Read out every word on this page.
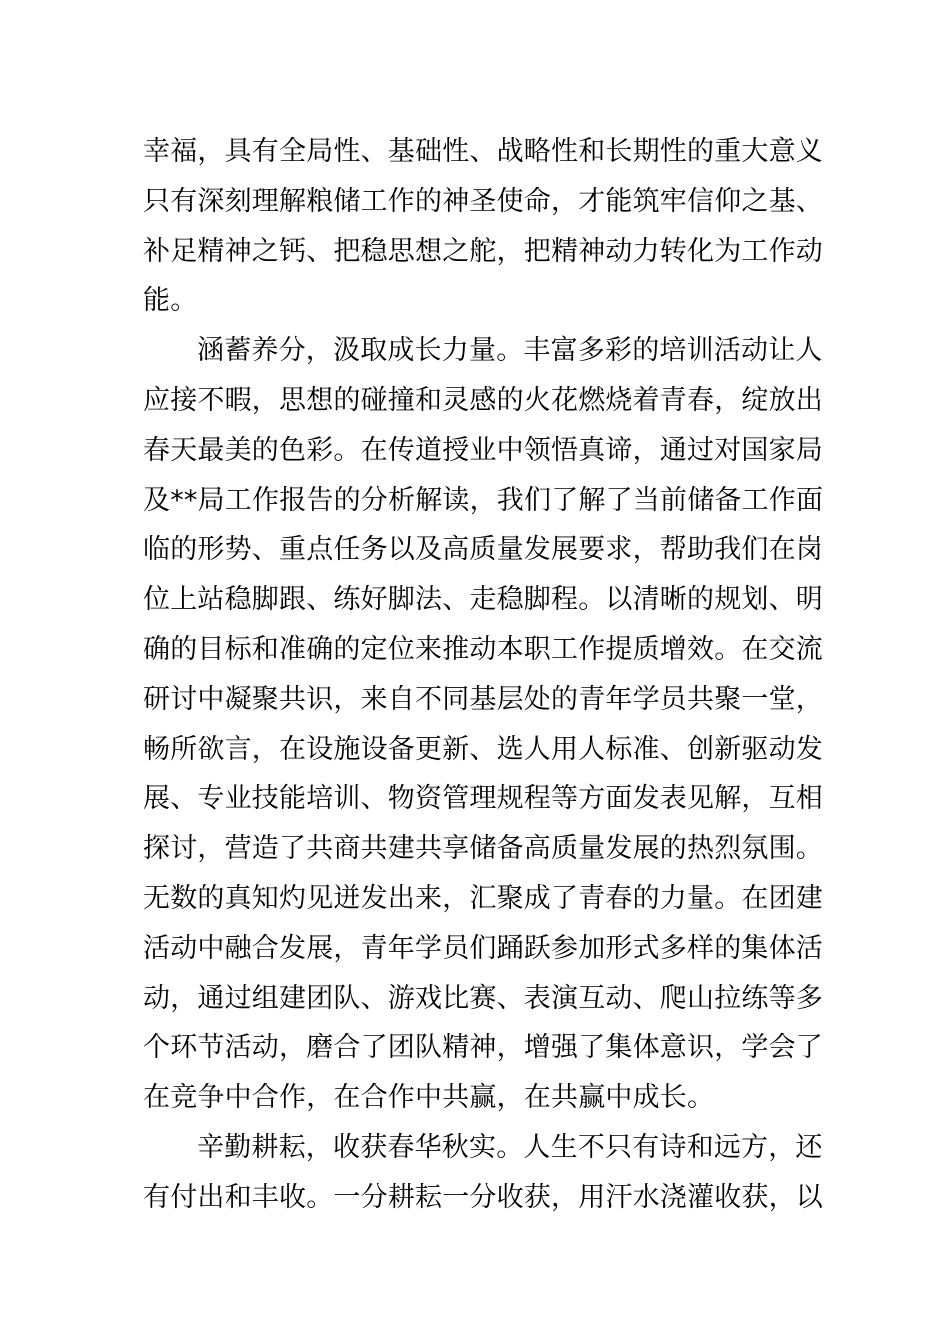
幸福，具有全局性、基础性、战略性和长期性的重大意义
只有深刻理解粮储工作的神圣使命，才能筑牢信仰之基、
补足精神之钙、把稳思想之舵，把精神动力转化为工作动
能。
涵蓄养分，汲取成长力量。丰富多彩的培训活动让人
应接不暇，思想的碰撞和灵感的火花燃烧着青春，绽放出
春天最美的色彩。在传道授业中领悟真谛，通过对国家局
及**局工作报告的分析解读，我们了解了当前储备工作面
临的形势、重点任务以及高质量发展要求，帮助我们在岗
位上站稳脚跟、练好脚法、走稳脚程。以清晰的规划、明
确的目标和准确的定位来推动本职工作提质增效。在交流
研讨中凝聚共识，来自不同基层处的青年学员共聚一堂，
畅所欲言，在设施设备更新、选人用人标准、创新驱动发
展、专业技能培训、物资管理规程等方面发表见解，互相
探讨，营造了共商共建共享储备高质量发展的热烈氛围。
无数的真知灼见迸发出来，汇聚成了青春的力量。在团建
活动中融合发展，青年学员们踊跃参加形式多样的集体活
动，通过组建团队、游戏比赛、表演互动、爬山拉练等多
个环节活动，磨合了团队精神，增强了集体意识，学会了
在竞争中合作，在合作中共赢，在共赢中成长。
辛勤耕耘，收获春华秋实。人生不只有诗和远方，还
有付出和丰收。一分耕耘一分收获，用汗水浇灌收获，以
